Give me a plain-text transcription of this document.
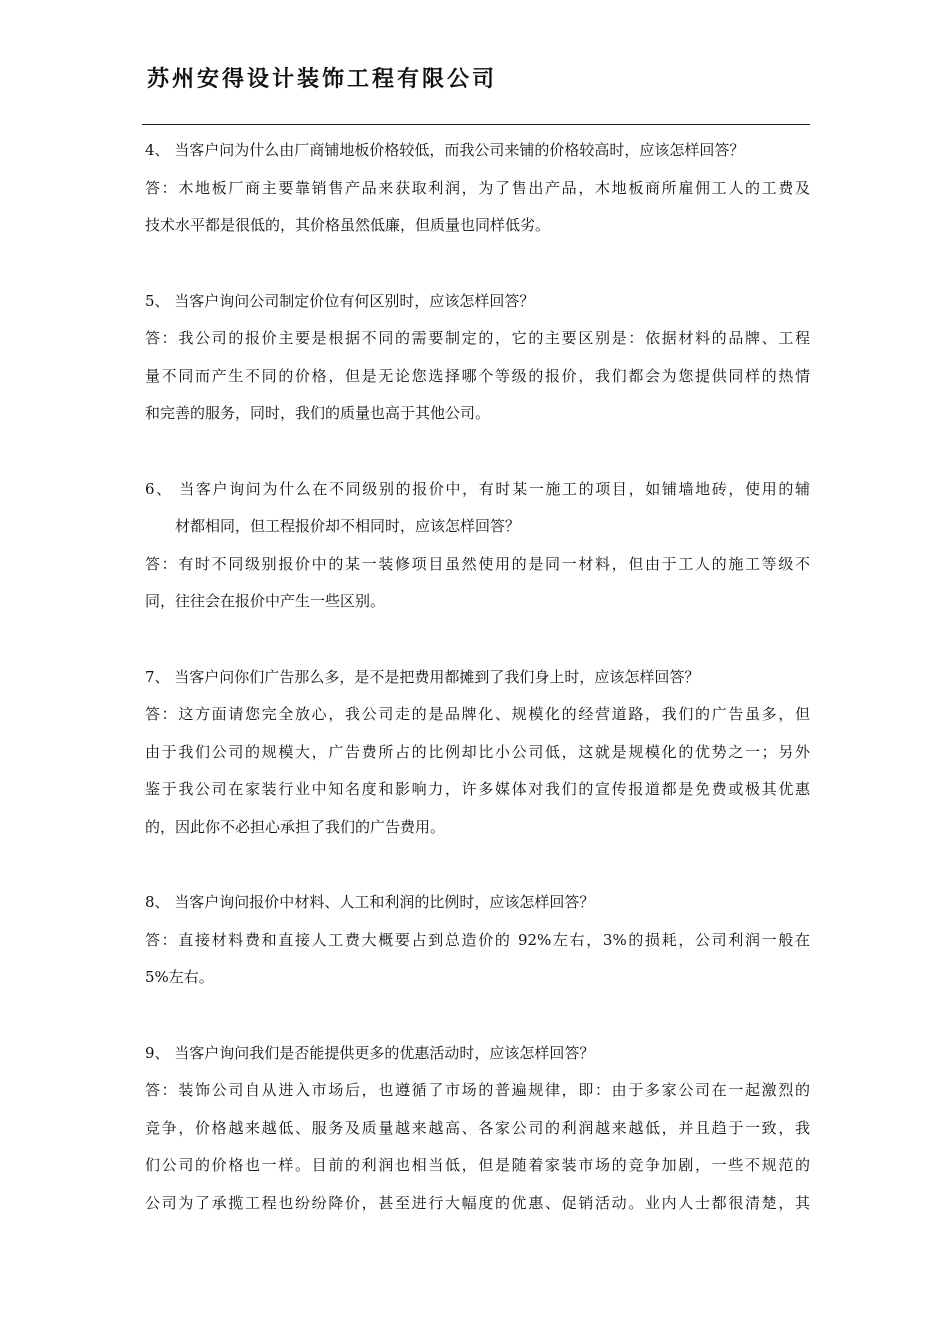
苏州安得设计装饰工程有限公司
4、 当客户问为什么由厂商铺地板价格较低，而我公司来铺的价格较高时，应该怎样回答？
答：木地板厂商主要靠销售产品来获取利润，为了售出产品，木地板商所雇佣工人的工费及
技术水平都是很低的，其价格虽然低廉，但质量也同样低劣。
5、 当客户询问公司制定价位有何区别时，应该怎样回答？
答：我公司的报价主要是根据不同的需要制定的，它的主要区别是：依据材料的品牌、工程
量不同而产生不同的价格，但是无论您选择哪个等级的报价，我们都会为您提供同样的热情
和完善的服务，同时，我们的质量也高于其他公司。
6、 当客户询问为什么在不同级别的报价中，有时某一施工的项目，如铺墙地砖，使用的辅
材都相同，但工程报价却不相同时，应该怎样回答？
答：有时不同级别报价中的某一装修项目虽然使用的是同一材料，但由于工人的施工等级不
同，往往会在报价中产生一些区别。
7、 当客户问你们广告那么多，是不是把费用都摊到了我们身上时，应该怎样回答？
答：这方面请您完全放心，我公司走的是品牌化、规模化的经营道路，我们的广告虽多，但
由于我们公司的规模大，广告费所占的比例却比小公司低，这就是规模化的优势之一；另外
鉴于我公司在家装行业中知名度和影响力，许多媒体对我们的宣传报道都是免费或极其优惠
的，因此你不必担心承担了我们的广告费用。
8、 当客户询问报价中材料、人工和利润的比例时，应该怎样回答？
答：直接材料费和直接人工费大概要占到总造价的 92%左右，3%的损耗，公司利润一般在
5%左右。
9、 当客户询问我们是否能提供更多的优惠活动时，应该怎样回答？
答：装饰公司自从进入市场后，也遵循了市场的普遍规律，即：由于多家公司在一起激烈的
竞争，价格越来越低、服务及质量越来越高、各家公司的利润越来越低，并且趋于一致，我
们公司的价格也一样。目前的利润也相当低，但是随着家装市场的竞争加剧，一些不规范的
公司为了承揽工程也纷纷降价，甚至进行大幅度的优惠、促销活动。业内人士都很清楚，其
